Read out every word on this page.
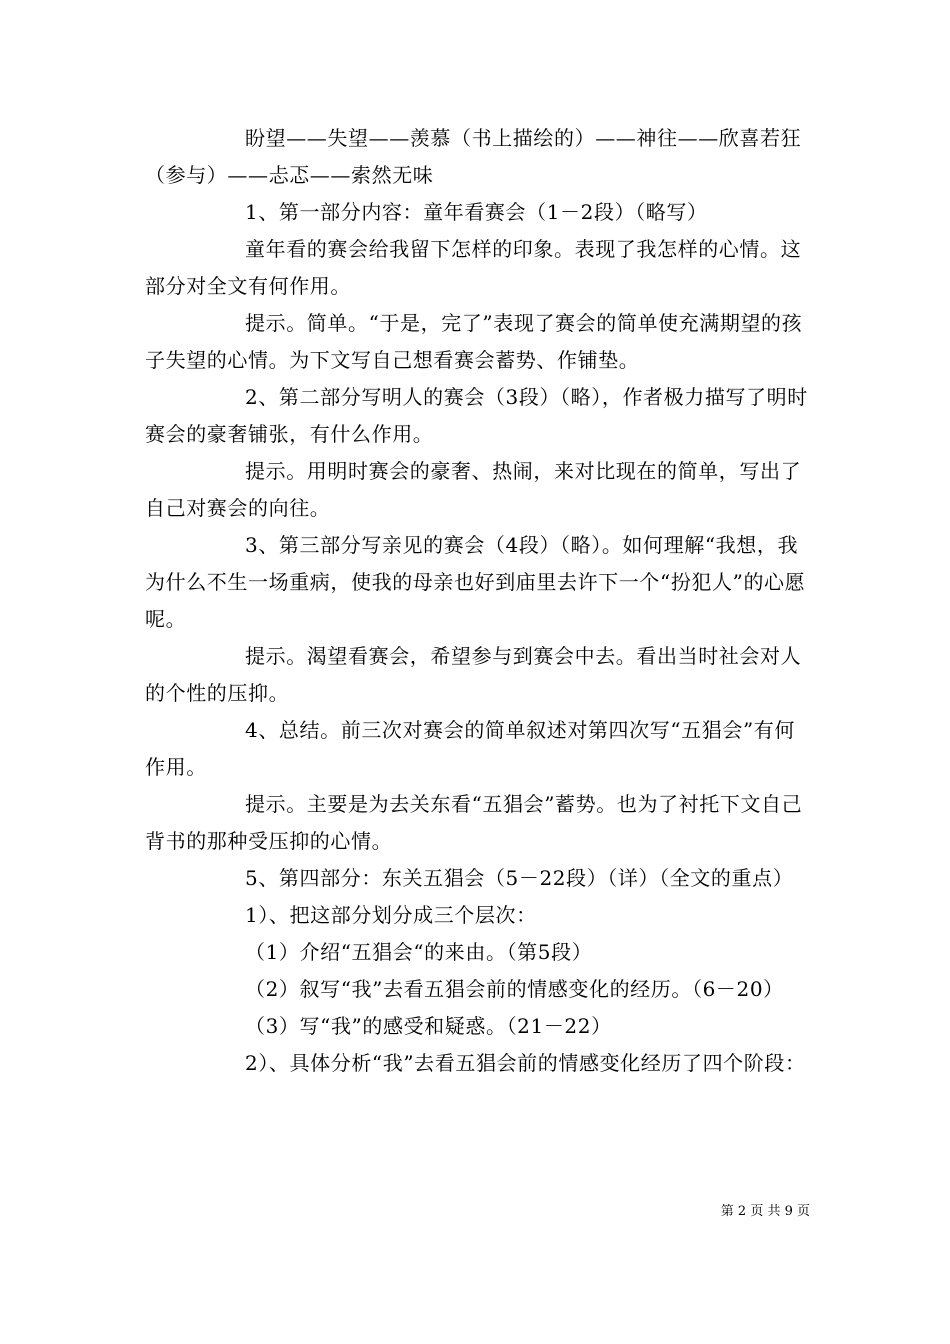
盼望——失望——羡慕（书上描绘的）——神往——欣喜若狂（参与）——忐忑——索然无味

1、第一部分内容：童年看赛会（1－2段）（略写）

童年看的赛会给我留下怎样的印象。表现了我怎样的心情。这部分对全文有何作用。

提示。简单。“于是，完了”表现了赛会的简单使充满期望的孩子失望的心情。为下文写自己想看赛会蓄势、作铺垫。

2、第二部分写明人的赛会（3段）（略），作者极力描写了明时赛会的豪奢铺张，有什么作用。

提示。用明时赛会的豪奢、热闹，来对比现在的简单，写出了自己对赛会的向往。

3、第三部分写亲见的赛会（4段）（略）。如何理解“我想，我为什么不生一场重病，使我的母亲也好到庙里去许下一个“扮犯人”的心愿呢。

提示。渴望看赛会，希望参与到赛会中去。看出当时社会对人的个性的压抑。

4、总结。前三次对赛会的简单叙述对第四次写“五猖会”有何作用。

提示。主要是为去关东看“五猖会”蓄势。也为了衬托下文自己背书的那种受压抑的心情。

5、第四部分：东关五猖会（5－22段）（详）（全文的重点）

1）、把这部分划分成三个层次：

（1）介绍“五猖会“的来由。（第5段）

（2）叙写“我”去看五猖会前的情感变化的经历。（6－20）

（3）写“我”的感受和疑惑。（21－22）

2）、具体分析“我”去看五猖会前的情感变化经历了四个阶段：

第 2 页 共 9 页
